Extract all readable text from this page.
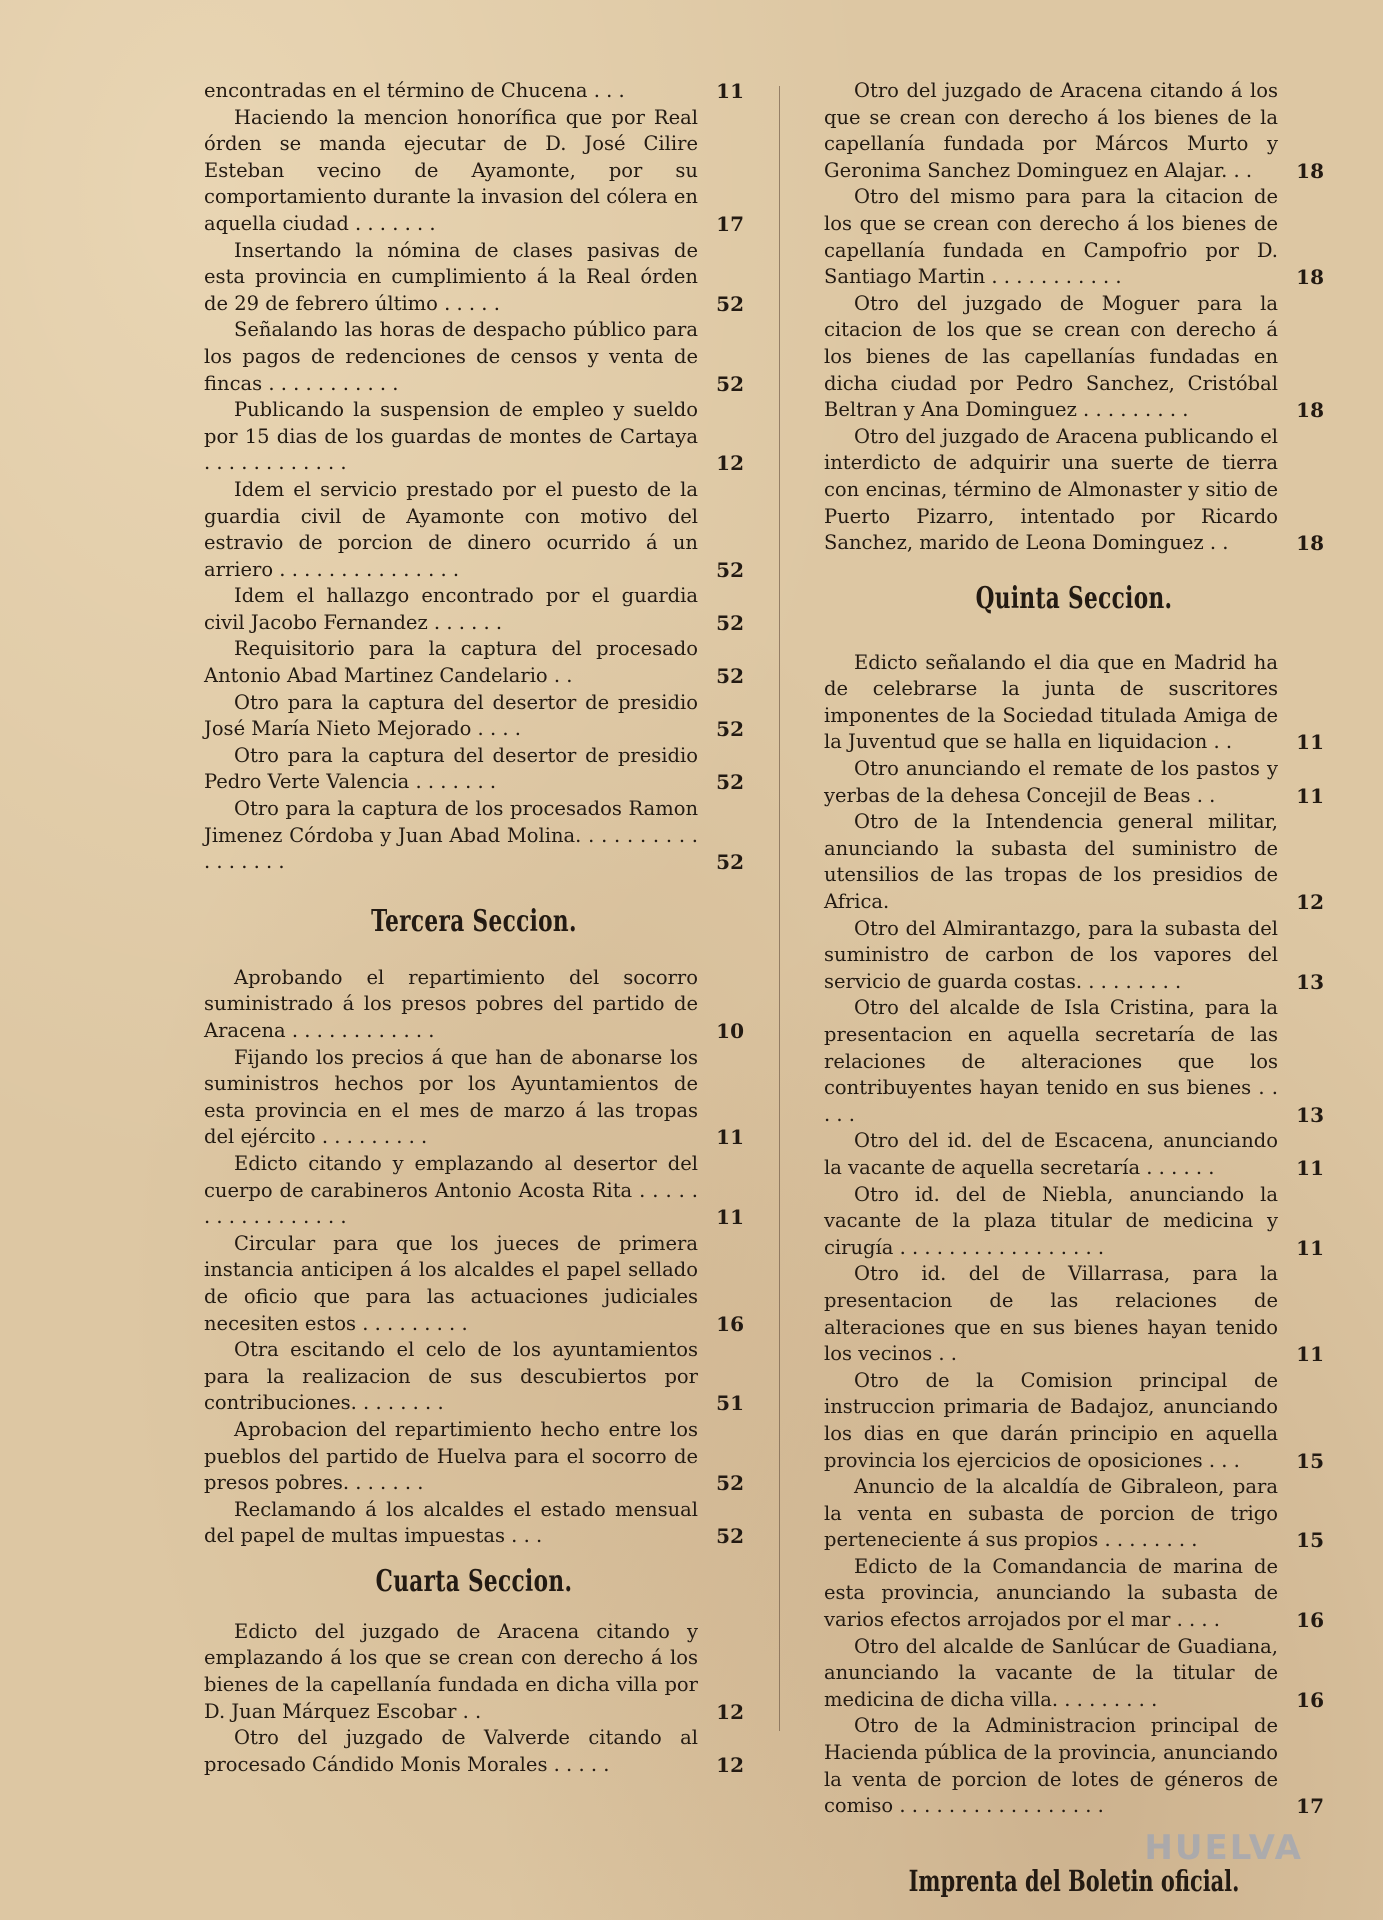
encontradas en el término de Chucena . . .	11
Haciendo la mencion honorífica que por Real órden se manda ejecutar de D. José Cilire Esteban vecino de Ayamonte, por su comportamiento durante la invasion del cólera en aquella ciudad . . . . . . .	17
Insertando la nómina de clases pasivas de esta provincia en cumplimiento á la Real órden de 29 de febrero último . . . . .	52
Señalando las horas de despacho público para los pagos de redenciones de censos y venta de fincas . . . . . . . . . . .	52
Publicando la suspension de empleo y sueldo por 15 dias de los guardas de montes de Cartaya . . . . . . . . . . . .	12
Idem el servicio prestado por el puesto de la guardia civil de Ayamonte con motivo del estravio de porcion de dinero ocurrido á un arriero . . . . . . . . . . . . . . .	52
Idem el hallazgo encontrado por el guardia civil Jacobo Fernandez . . . . . .	52
Requisitorio para la captura del procesado Antonio Abad Martinez Candelario . .	52
Otro para la captura del desertor de presidio José María Nieto Mejorado . . . .	52
Otro para la captura del desertor de presidio Pedro Verte Valencia . . . . . . .	52
Otro para la captura de los procesados Ramon Jimenez Córdoba y Juan Abad Molina. . . . . . . . . . . . . . . . .	52
Tercera Seccion.
Aprobando el repartimiento del socorro suministrado á los presos pobres del partido de Aracena . . . . . . . . . . . .	10
Fijando los precios á que han de abonarse los suministros hechos por los Ayuntamientos de esta provincia en el mes de marzo á las tropas del ejército . . . . . . . . .	11
Edicto citando y emplazando al desertor del cuerpo de carabineros Antonio Acosta Rita . . . . . . . . . . . . . . . . .	11
Circular para que los jueces de primera instancia anticipen á los alcaldes el papel sellado de oficio que para las actuaciones judiciales necesiten estos . . . . . . . . .	16
Otra escitando el celo de los ayuntamientos para la realizacion de sus descubiertos por contribuciones. . . . . . . .	51
Aprobacion del repartimiento hecho entre los pueblos del partido de Huelva para el socorro de presos pobres. . . . . . .	52
Reclamando á los alcaldes el estado mensual del papel de multas impuestas . . .	52
Cuarta Seccion.
Edicto del juzgado de Aracena citando y emplazando á los que se crean con derecho á los bienes de la capellanía fundada en dicha villa por D. Juan Márquez Escobar . .	12
Otro del juzgado de Valverde citando al procesado Cándido Monis Morales . . . . .	12
Otro del juzgado de Aracena citando á los que se crean con derecho á los bienes de la capellanía fundada por Márcos Murto y Geronima Sanchez Dominguez en Alajar. . .	18
Otro del mismo para para la citacion de los que se crean con derecho á los bienes de capellanía fundada en Campofrio por D. Santiago Martin . . . . . . . . . . .	18
Otro del juzgado de Moguer para la citacion de los que se crean con derecho á los bienes de las capellanías fundadas en dicha ciudad por Pedro Sanchez, Cristóbal Beltran y Ana Dominguez . . . . . . . . .	18
Otro del juzgado de Aracena publicando el interdicto de adquirir una suerte de tierra con encinas, término de Almonaster y sitio de Puerto Pizarro, intentado por Ricardo Sanchez, marido de Leona Dominguez . .	18
Quinta Seccion.
Edicto señalando el dia que en Madrid ha de celebrarse la junta de suscritores imponentes de la Sociedad titulada Amiga de la Juventud que se halla en liquidacion . .	11
Otro anunciando el remate de los pastos y yerbas de la dehesa Concejil de Beas . .	11
Otro de la Intendencia general militar, anunciando la subasta del suministro de utensilios de las tropas de los presidios de Africa.	12
Otro del Almirantazgo, para la subasta del suministro de carbon de los vapores del servicio de guarda costas. . . . . . . . .	13
Otro del alcalde de Isla Cristina, para la presentacion en aquella secretaría de las relaciones de alteraciones que los contribuyentes hayan tenido en sus bienes . . . . .	13
Otro del id. del de Escacena, anunciando la vacante de aquella secretaría . . . . . .	11
Otro id. del de Niebla, anunciando la vacante de la plaza titular de medicina y cirugía . . . . . . . . . . . . . . . . .	11
Otro id. del de Villarrasa, para la presentacion de las relaciones de alteraciones que en sus bienes hayan tenido los vecinos . .	11
Otro de la Comision principal de instruccion primaria de Badajoz, anunciando los dias en que darán principio en aquella provincia los ejercicios de oposiciones . . .	15
Anuncio de la alcaldía de Gibraleon, para la venta en subasta de porcion de trigo perteneciente á sus propios . . . . . . . .	15
Edicto de la Comandancia de marina de esta provincia, anunciando la subasta de varios efectos arrojados por el mar . . . .	16
Otro del alcalde de Sanlúcar de Guadiana, anunciando la vacante de la titular de medicina de dicha villa. . . . . . . . .	16
Otro de la Administracion principal de Hacienda pública de la provincia, anunciando la venta de porcion de lotes de géneros de comiso . . . . . . . . . . . . . . . . .	17
Imprenta del Boletin oficial.
HUELVA
